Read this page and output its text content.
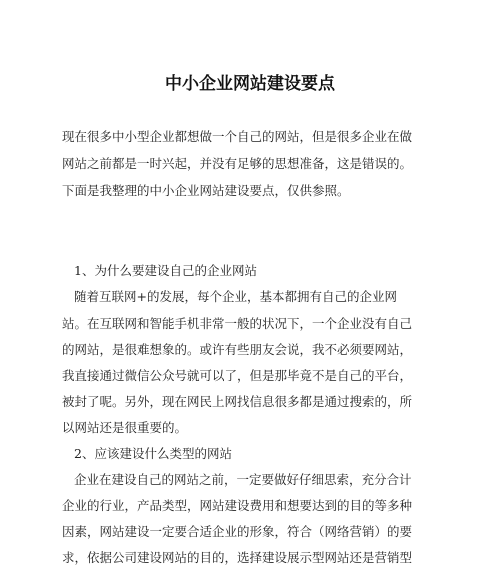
中小企业网站建设要点
现在很多中小型企业都想做一个自己的网站，但是很多企业在做
网站之前都是一时兴起，并没有足够的思想准备，这是错误的。
下面是我整理的中小企业网站建设要点，仅供参照。
1、为什么要建设自己的企业网站
随着互联网+的发展，每个企业，基本都拥有自己的企业网
站。在互联网和智能手机非常一般的状况下，一个企业没有自己
的网站，是很难想象的。或许有些朋友会说，我不必须要网站，
我直接通过微信公众号就可以了，但是那毕竟不是自己的平台，
被封了呢。另外，现在网民上网找信息很多都是通过搜索的，所
以网站还是很重要的。
2、应该建设什么类型的网站
企业在建设自己的网站之前，一定要做好仔细思索，充分合计
企业的行业，产品类型，网站建设费用和想要达到的目的等多种
因素，网站建设一定要合适企业的形象，符合（网络营销）的要
求，依据公司建设网站的目的，选择建设展示型网站还是营销型
